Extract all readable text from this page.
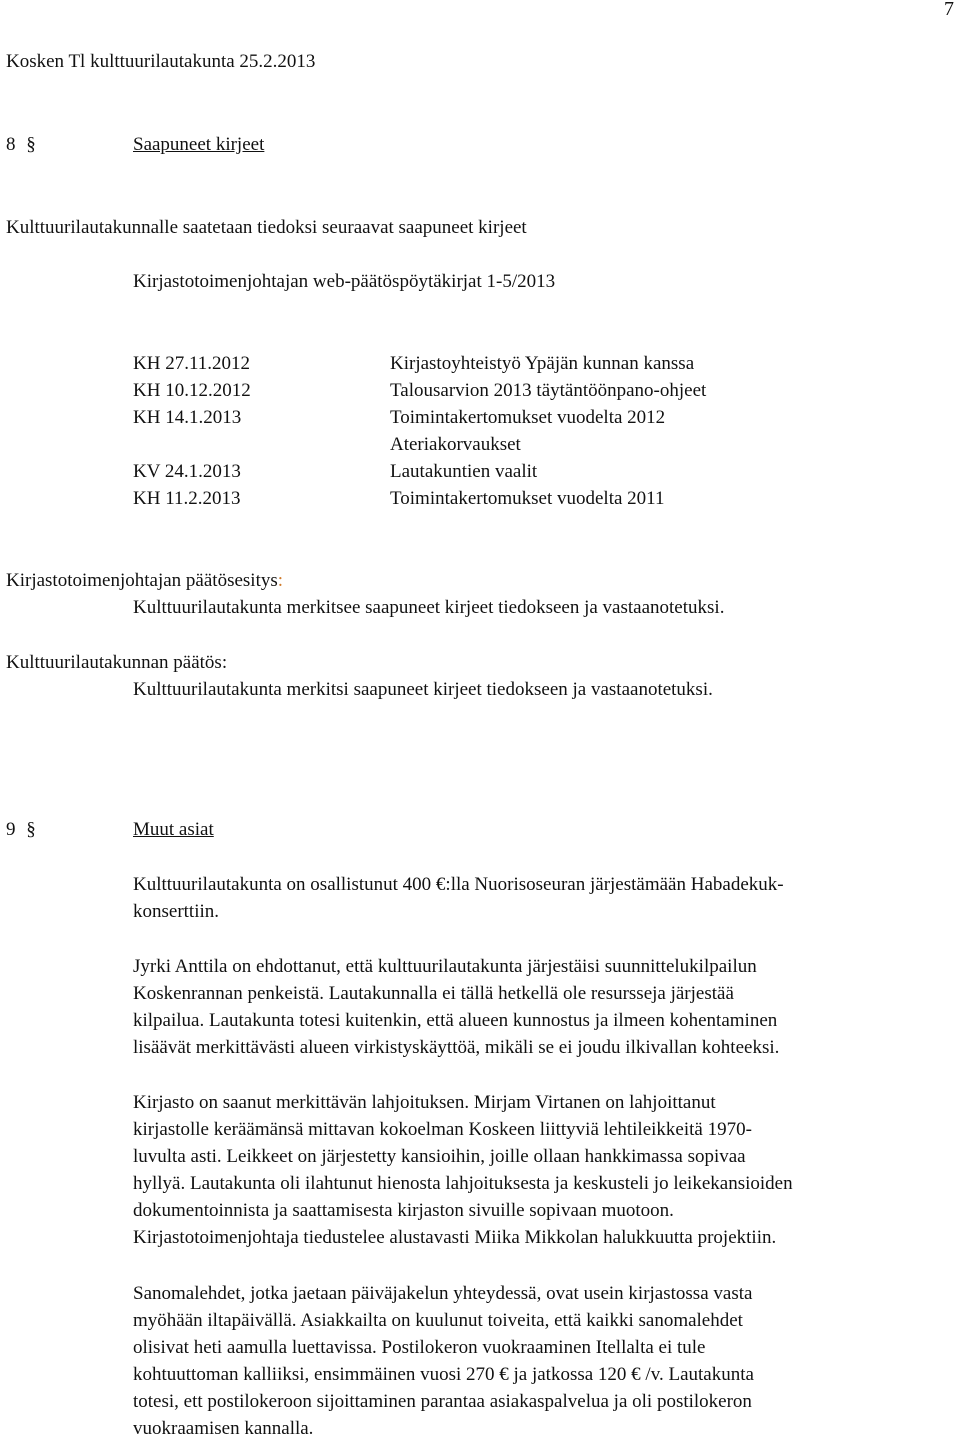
7
Kosken Tl kulttuurilautakunta 25.2.2013
8 §	Saapuneet kirjeet
Kulttuurilautakunnalle saatetaan tiedoksi seuraavat saapuneet kirjeet
Kirjastotoimenjohtajan web-päätöspöytäkirjat 1-5/2013
KH 27.11.2012	Kirjastoyhteistyö Ypäjän kunnan kanssa
KH 10.12.2012	Talousarvion 2013 täytäntöönpano-ohjeet
KH 14.1.2013	Toimintakertomukset vuodelta 2012
Ateriakorvaukset
KV 24.1.2013	Lautakuntien vaalit
KH 11.2.2013	Toimintakertomukset vuodelta 2011
Kirjastotoimenjohtajan päätösesitys:
Kulttuurilautakunta merkitsee saapuneet kirjeet tiedokseen ja vastaanotetuksi.
Kulttuurilautakunnan päätös:
Kulttuurilautakunta merkitsi saapuneet kirjeet tiedokseen ja vastaanotetuksi.
9 §	Muut asiat
Kulttuurilautakunta on osallistunut 400 €:lla Nuorisoseuran järjestämään Habadekuk-
konserttiin.
Jyrki Anttila on ehdottanut, että kulttuurilautakunta järjestäisi suunnittelukilpailun
Koskenrannan penkeistä. Lautakunnalla ei tällä hetkellä ole resursseja järjestää
kilpailua. Lautakunta totesi kuitenkin, että alueen kunnostus ja ilmeen kohentaminen
lisäävät merkittävästi alueen virkistyskäyttöä, mikäli se ei joudu ilkivallan kohteeksi.
Kirjasto on saanut merkittävän lahjoituksen. Mirjam Virtanen on lahjoittanut
kirjastolle keräämänsä mittavan kokoelman Koskeen liittyviä lehtileikkeitä 1970-
luvulta asti. Leikkeet on järjestetty kansioihin, joille ollaan hankkimassa sopivaa
hyllyä. Lautakunta oli ilahtunut hienosta lahjoituksesta ja keskusteli jo leikekansioiden
dokumentoinnista ja saattamisesta kirjaston sivuille sopivaan muotoon.
Kirjastotoimenjohtaja tiedustelee alustavasti Miika Mikkolan halukkuutta projektiin.
Sanomalehdet, jotka jaetaan päiväjakelun yhteydessä, ovat usein kirjastossa vasta
myöhään iltapäivällä. Asiakkailta on kuulunut toiveita, että kaikki sanomalehdet
olisivat heti aamulla luettavissa. Postilokeron vuokraaminen Itellalta ei tule
kohtuuttoman kalliiksi, ensimmäinen vuosi 270 € ja jatkossa 120 € /v. Lautakunta
totesi, ett postilokeroon sijoittaminen parantaa asiakaspalvelua ja oli postilokeron
vuokraamisen kannalla.
